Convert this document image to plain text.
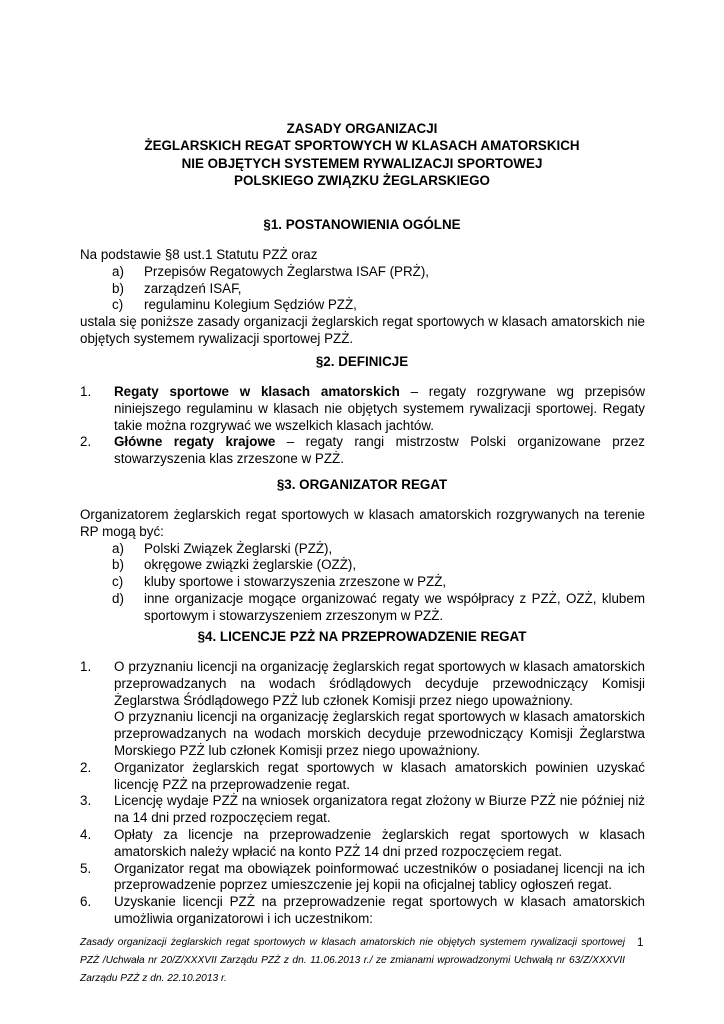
ZASADY ORGANIZACJI
ŻEGLARSKICH REGAT SPORTOWYCH W KLASACH AMATORSKICH
NIE OBJĘTYCH SYSTEMEM RYWALIZACJI SPORTOWEJ
POLSKIEGO ZWIĄZKU ŻEGLARSKIEGO
§1. POSTANOWIENIA OGÓLNE
Na podstawie §8 ust.1 Statutu PZŻ oraz
a) Przepisów Regatowych Żeglarstwa ISAF (PRŻ),
b) zarządzeń ISAF,
c) regulaminu Kolegium Sędziów PZŻ,
ustala się poniższe zasady organizacji żeglarskich regat sportowych w klasach amatorskich nie objętych systemem rywalizacji sportowej PZŻ.
§2. DEFINICJE
1. Regaty sportowe w klasach amatorskich – regaty rozgrywane wg przepisów niniejszego regulaminu w klasach nie objętych systemem rywalizacji sportowej. Regaty takie można rozgrywać we wszelkich klasach jachtów.
2. Główne regaty krajowe – regaty rangi mistrzostw Polski organizowane przez stowarzyszenia klas zrzeszone w PZŻ.
§3. ORGANIZATOR REGAT
Organizatorem żeglarskich regat sportowych w klasach amatorskich rozgrywanych na terenie RP mogą być:
a) Polski Związek Żeglarski (PZŻ),
b) okręgowe związki żeglarskie (OZŻ),
c) kluby sportowe i stowarzyszenia zrzeszone w PZŻ,
d) inne organizacje mogące organizować regaty we współpracy z PZŻ, OZŻ, klubem sportowym i stowarzyszeniem zrzeszonym w PZŻ.
§4. LICENCJE PZŻ NA PRZEPROWADZENIE REGAT
1. O przyznaniu licencji na organizację żeglarskich regat sportowych w klasach amatorskich przeprowadzanych na wodach śródlądowych decyduje przewodniczący Komisji Żeglarstwa Śródlądowego PZŻ lub członek Komisji przez niego upoważniony.
O przyznaniu licencji na organizację żeglarskich regat sportowych w klasach amatorskich przeprowadzanych na wodach morskich decyduje przewodniczący Komisji Żeglarstwa Morskiego PZŻ lub członek Komisji przez niego upoważniony.
2. Organizator żeglarskich regat sportowych w klasach amatorskich powinien uzyskać licencję PZŻ na przeprowadzenie regat.
3. Licencję wydaje PZŻ na wniosek organizatora regat złożony w Biurze PZŻ nie później niż na 14 dni przed rozpoczęciem regat.
4. Opłaty za licencje na przeprowadzenie żeglarskich regat sportowych w klasach amatorskich należy wpłacić na konto PZŻ 14 dni przed rozpoczęciem regat.
5. Organizator regat ma obowiązek poinformować uczestników o posiadanej licencji na ich przeprowadzenie poprzez umieszczenie jej kopii na oficjalnej tablicy ogłoszeń regat.
6. Uzyskanie licencji PZŻ na przeprowadzenie regat sportowych w klasach amatorskich umożliwia organizatorowi i ich uczestnikom:
Zasady organizacji żeglarskich regat sportowych w klasach amatorskich nie objętych systemem rywalizacji sportowej PZŻ /Uchwała nr 20/Z/XXXVII Zarządu PZŻ z dn. 11.06.2013 r./ ze zmianami wprowadzonymi Uchwałą nr 63/Z/XXXVII Zarządu PZŻ z dn. 22.10.2013 r.
1
